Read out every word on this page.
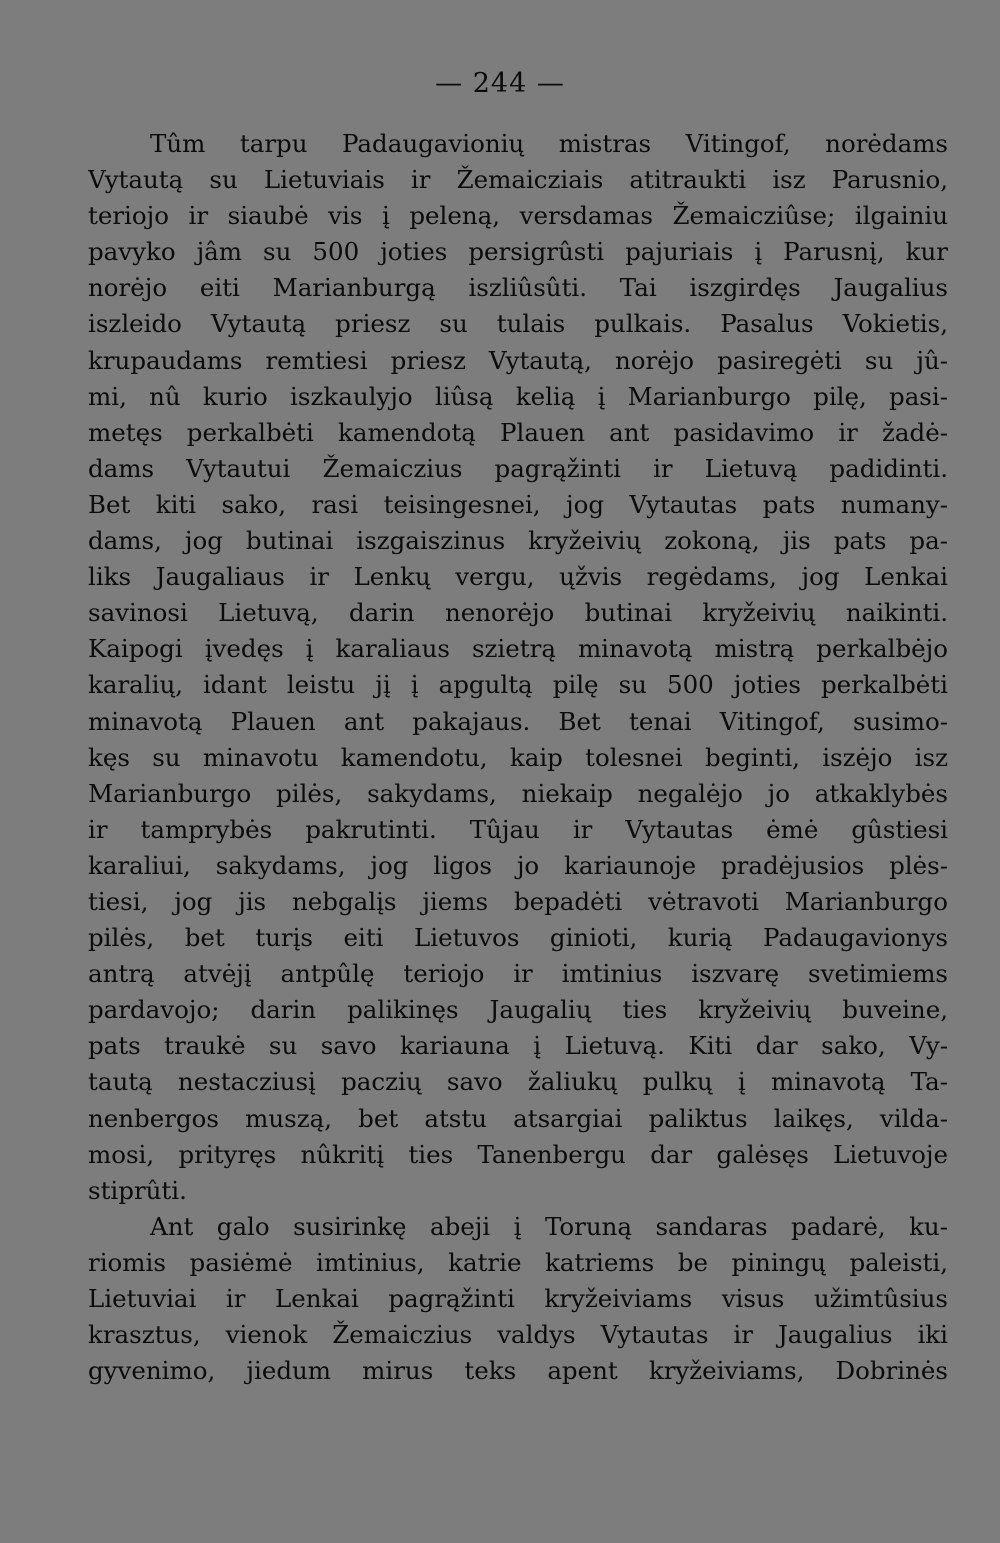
— 244 —
Tûm tarpu Padaugavionių mistras Vitingof, norėdams
Vytautą su Lietuviais ir Žemaicziais atitraukti isz Parusnio,
teriojo ir siaubė vis į peleną, versdamas Žemaicziûse; ilgainiu
pavyko jâm su 500 joties persigrûsti pajuriais į Parusnį, kur
norėjo eiti Marianburgą iszliûsûti. Tai iszgirdęs Jaugalius
iszleido Vytautą priesz su tulais pulkais. Pasalus Vokietis,
krupaudams remtiesi priesz Vytautą, norėjo pasiregėti su jû-
mi, nû kurio iszkaulyjo liûsą kelią į Marianburgo pilę, pasi-
metęs perkalbėti kamendotą Plauen ant pasidavimo ir žadė-
dams Vytautui Žemaiczius pagrąžinti ir Lietuvą padidinti.
Bet kiti sako, rasi teisingesnei, jog Vytautas pats numany-
dams, jog butinai iszgaiszinus kryžeivių zokoną, jis pats pa-
liks Jaugaliaus ir Lenkų vergu, ųžvis regėdams, jog Lenkai
savinosi Lietuvą, darin nenorėjo butinai kryžeivių naikinti.
Kaipogi įvedęs į karaliaus szietrą minavotą mistrą perkalbėjo
karalių, idant leistu jį į apgultą pilę su 500 joties perkalbėti
minavotą Plauen ant pakajaus. Bet tenai Vitingof, susimo-
kęs su minavotu kamendotu, kaip tolesnei beginti, iszėjo isz
Marianburgo pilės, sakydams, niekaip negalėjo jo atkaklybės
ir tamprybės pakrutinti. Tûjau ir Vytautas ėmė gûstiesi
karaliui, sakydams, jog ligos jo kariaunoje pradėjusios plės-
tiesi, jog jis nebgalįs jiems bepadėti vėtravoti Marianburgo
pilės, bet turįs eiti Lietuvos ginioti, kurią Padaugavionys
antrą atvėjį antpûlę teriojo ir imtinius iszvarę svetimiems
pardavojo; darin palikinęs Jaugalių ties kryžeivių buveine,
pats traukė su savo kariauna į Lietuvą. Kiti dar sako, Vy-
tautą nestacziusį paczių savo žaliukų pulkų į minavotą Ta-
nenbergos muszą, bet atstu atsargiai paliktus laikęs, vilda-
mosi, prityręs nûkritį ties Tanenbergu dar galėsęs Lietuvoje
stiprûti.
Ant galo susirinkę abeji į Toruną sandaras padarė, ku-
riomis pasiėmė imtinius, katrie katriems be piningų paleisti,
Lietuviai ir Lenkai pagrąžinti kryžeiviams visus užimtûsius
krasztus, vienok Žemaiczius valdys Vytautas ir Jaugalius iki
gyvenimo, jiedum mirus teks apent kryžeiviams, Dobrinės
